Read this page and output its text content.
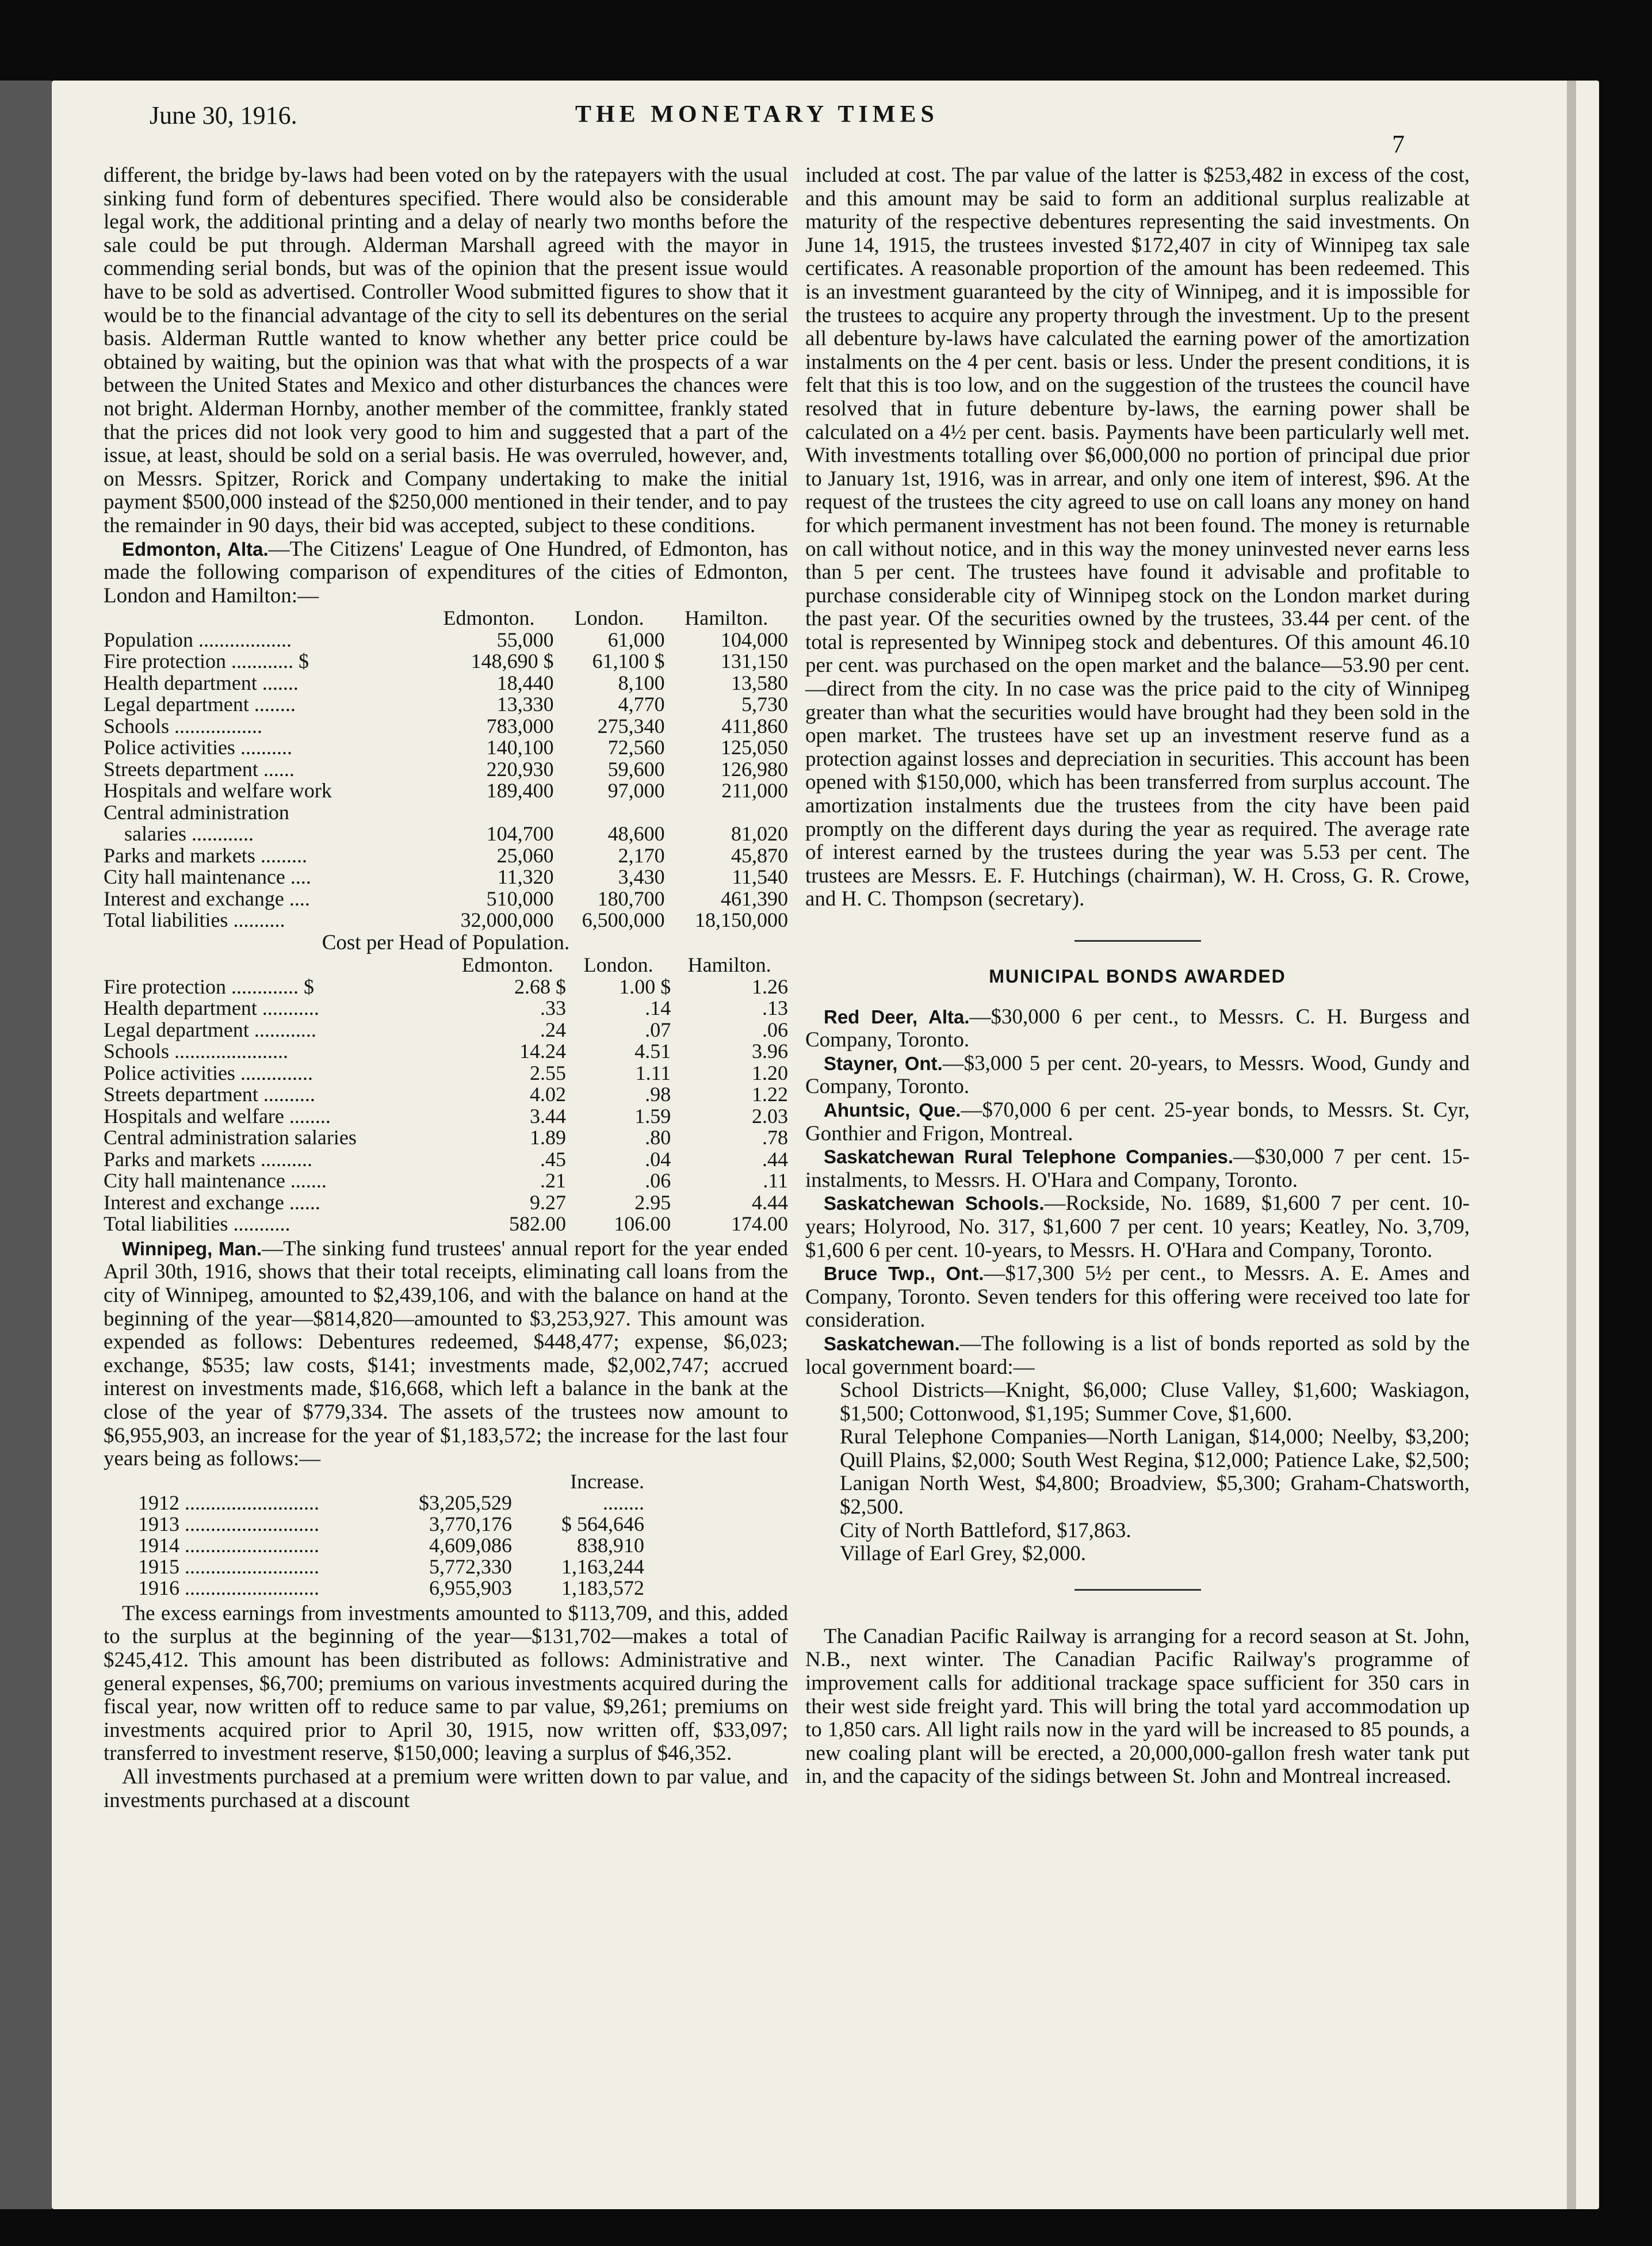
June 30, 1916.	THE MONETARY TIMES
7

different, the bridge by-laws had been voted on by the ratepayers with the usual sinking fund form of debentures specified. There would also be considerable legal work, the additional printing and a delay of nearly two months before the sale could be put through. Alderman Marshall agreed with the mayor in commending serial bonds, but was of the opinion that the present issue would have to be sold as advertised. Controller Wood submitted figures to show that it would be to the financial advantage of the city to sell its debentures on the serial basis. Alderman Ruttle wanted to know whether any better price could be obtained by waiting, but the opinion was that what with the prospects of a war between the United States and Mexico and other disturbances the chances were not bright. Alderman Hornby, another member of the committee, frankly stated that the prices did not look very good to him and suggested that a part of the issue, at least, should be sold on a serial basis. He was overruled, however, and, on Messrs. Spitzer, Rorick and Company undertaking to make the initial payment $500,000 instead of the $250,000 mentioned in their tender, and to pay the remainder in 90 days, their bid was accepted, subject to these conditions.

Edmonton, Alta.—The Citizens' League of One Hundred, of Edmonton, has made the following comparison of expenditures of the cities of Edmonton, London and Hamilton:—

	Edmonton.	London.	Hamilton.
Population ..................	55,000	61,000	104,000
Fire protection ............ $	148,690 $	61,100 $	131,150
Health department .......	18,440	8,100	13,580
Legal department ........	13,330	4,770	5,730
Schools .................	783,000	275,340	411,860
Police activities ..........	140,100	72,560	125,050
Streets department ......	220,930	59,600	126,980
Hospitals and welfare work	189,400	97,000	211,000
Central administration			
salaries ............	104,700	48,600	81,020
Parks and markets .........	25,060	2,170	45,870
City hall maintenance ....	11,320	3,430	11,540
Interest and exchange ....	510,000	180,700	461,390
Total liabilities ..........	32,000,000	6,500,000	18,150,000
Cost per Head of Population.
	Edmonton.	London.	Hamilton.
Fire protection ............. $	2.68 $	1.00 $	1.26
Health department ...........	.33	.14	.13
Legal department ............	.24	.07	.06
Schools ......................	14.24	4.51	3.96
Police activities ..............	2.55	1.11	1.20
Streets department ..........	4.02	.98	1.22
Hospitals and welfare ........	3.44	1.59	2.03
Central administration salaries	1.89	.80	.78
Parks and markets ..........	.45	.04	.44
City hall maintenance .......	.21	.06	.11
Interest and exchange ......	9.27	2.95	4.44
Total liabilities ...........	582.00	106.00	174.00

Winnipeg, Man.—The sinking fund trustees' annual report for the year ended April 30th, 1916, shows that their total receipts, eliminating call loans from the city of Winnipeg, amounted to $2,439,106, and with the balance on hand at the beginning of the year—$814,820—amounted to $3,253,927. This amount was expended as follows: Debentures redeemed, $448,477; expense, $6,023; exchange, $535; law costs, $141; investments made, $2,002,747; accrued interest on investments made, $16,668, which left a balance in the bank at the close of the year of $779,334. The assets of the trustees now amount to $6,955,903, an increase for the year of $1,183,572; the increase for the last four years being as follows:—

		Increase.
1912 ..........................	$3,205,529	........
1913 ..........................	3,770,176	$ 564,646
1914 ..........................	4,609,086	838,910
1915 ..........................	5,772,330	1,163,244
1916 ..........................	6,955,903	1,183,572

The excess earnings from investments amounted to $113,709, and this, added to the surplus at the beginning of the year—$131,702—makes a total of $245,412. This amount has been distributed as follows: Administrative and general expenses, $6,700; premiums on various investments acquired during the fiscal year, now written off to reduce same to par value, $9,261; premiums on investments acquired prior to April 30, 1915, now written off, $33,097; transferred to investment reserve, $150,000; leaving a surplus of $46,352.

All investments purchased at a premium were written down to par value, and investments purchased at a discount

included at cost. The par value of the latter is $253,482 in excess of the cost, and this amount may be said to form an additional surplus realizable at maturity of the respective debentures representing the said investments. On June 14, 1915, the trustees invested $172,407 in city of Winnipeg tax sale certificates. A reasonable proportion of the amount has been redeemed. This is an investment guaranteed by the city of Winnipeg, and it is impossible for the trustees to acquire any property through the investment. Up to the present all debenture by-laws have calculated the earning power of the amortization instalments on the 4 per cent. basis or less. Under the present conditions, it is felt that this is too low, and on the suggestion of the trustees the council have resolved that in future debenture by-laws, the earning power shall be calculated on a 4½ per cent. basis. Payments have been particularly well met. With investments totalling over $6,000,000 no portion of principal due prior to January 1st, 1916, was in arrear, and only one item of interest, $96. At the request of the trustees the city agreed to use on call loans any money on hand for which permanent investment has not been found. The money is returnable on call without notice, and in this way the money uninvested never earns less than 5 per cent. The trustees have found it advisable and profitable to purchase considerable city of Winnipeg stock on the London market during the past year. Of the securities owned by the trustees, 33.44 per cent. of the total is represented by Winnipeg stock and debentures. Of this amount 46.10 per cent. was purchased on the open market and the balance—53.90 per cent.—direct from the city. In no case was the price paid to the city of Winnipeg greater than what the securities would have brought had they been sold in the open market. The trustees have set up an investment reserve fund as a protection against losses and depreciation in securities. This account has been opened with $150,000, which has been transferred from surplus account. The amortization instalments due the trustees from the city have been paid promptly on the different days during the year as required. The average rate of interest earned by the trustees during the year was 5.53 per cent. The trustees are Messrs. E. F. Hutchings (chairman), W. H. Cross, G. R. Crowe, and H. C. Thompson (secretary).

MUNICIPAL BONDS AWARDED

Red Deer, Alta.—$30,000 6 per cent., to Messrs. C. H. Burgess and Company, Toronto.

Stayner, Ont.—$3,000 5 per cent. 20-years, to Messrs. Wood, Gundy and Company, Toronto.

Ahuntsic, Que.—$70,000 6 per cent. 25-year bonds, to Messrs. St. Cyr, Gonthier and Frigon, Montreal.

Saskatchewan Rural Telephone Companies.—$30,000 7 per cent. 15-instalments, to Messrs. H. O'Hara and Company, Toronto.

Saskatchewan Schools.—Rockside, No. 1689, $1,600 7 per cent. 10-years; Holyrood, No. 317, $1,600 7 per cent. 10 years; Keatley, No. 3,709, $1,600 6 per cent. 10-years, to Messrs. H. O'Hara and Company, Toronto.

Bruce Twp., Ont.—$17,300 5½ per cent., to Messrs. A. E. Ames and Company, Toronto. Seven tenders for this offering were received too late for consideration.

Saskatchewan.—The following is a list of bonds reported as sold by the local government board:—

School Districts—Knight, $6,000; Cluse Valley, $1,600; Waskiagon, $1,500; Cottonwood, $1,195; Summer Cove, $1,600.

Rural Telephone Companies—North Lanigan, $14,000; Neelby, $3,200; Quill Plains, $2,000; South West Regina, $12,000; Patience Lake, $2,500; Lanigan North West, $4,800; Broadview, $5,300; Graham-Chatsworth, $2,500.

City of North Battleford, $17,863.

Village of Earl Grey, $2,000.

The Canadian Pacific Railway is arranging for a record season at St. John, N.B., next winter. The Canadian Pacific Railway's programme of improvement calls for additional trackage space sufficient for 350 cars in their west side freight yard. This will bring the total yard accommodation up to 1,850 cars. All light rails now in the yard will be increased to 85 pounds, a new coaling plant will be erected, a 20,000,000-gallon fresh water tank put in, and the capacity of the sidings between St. John and Montreal increased.
